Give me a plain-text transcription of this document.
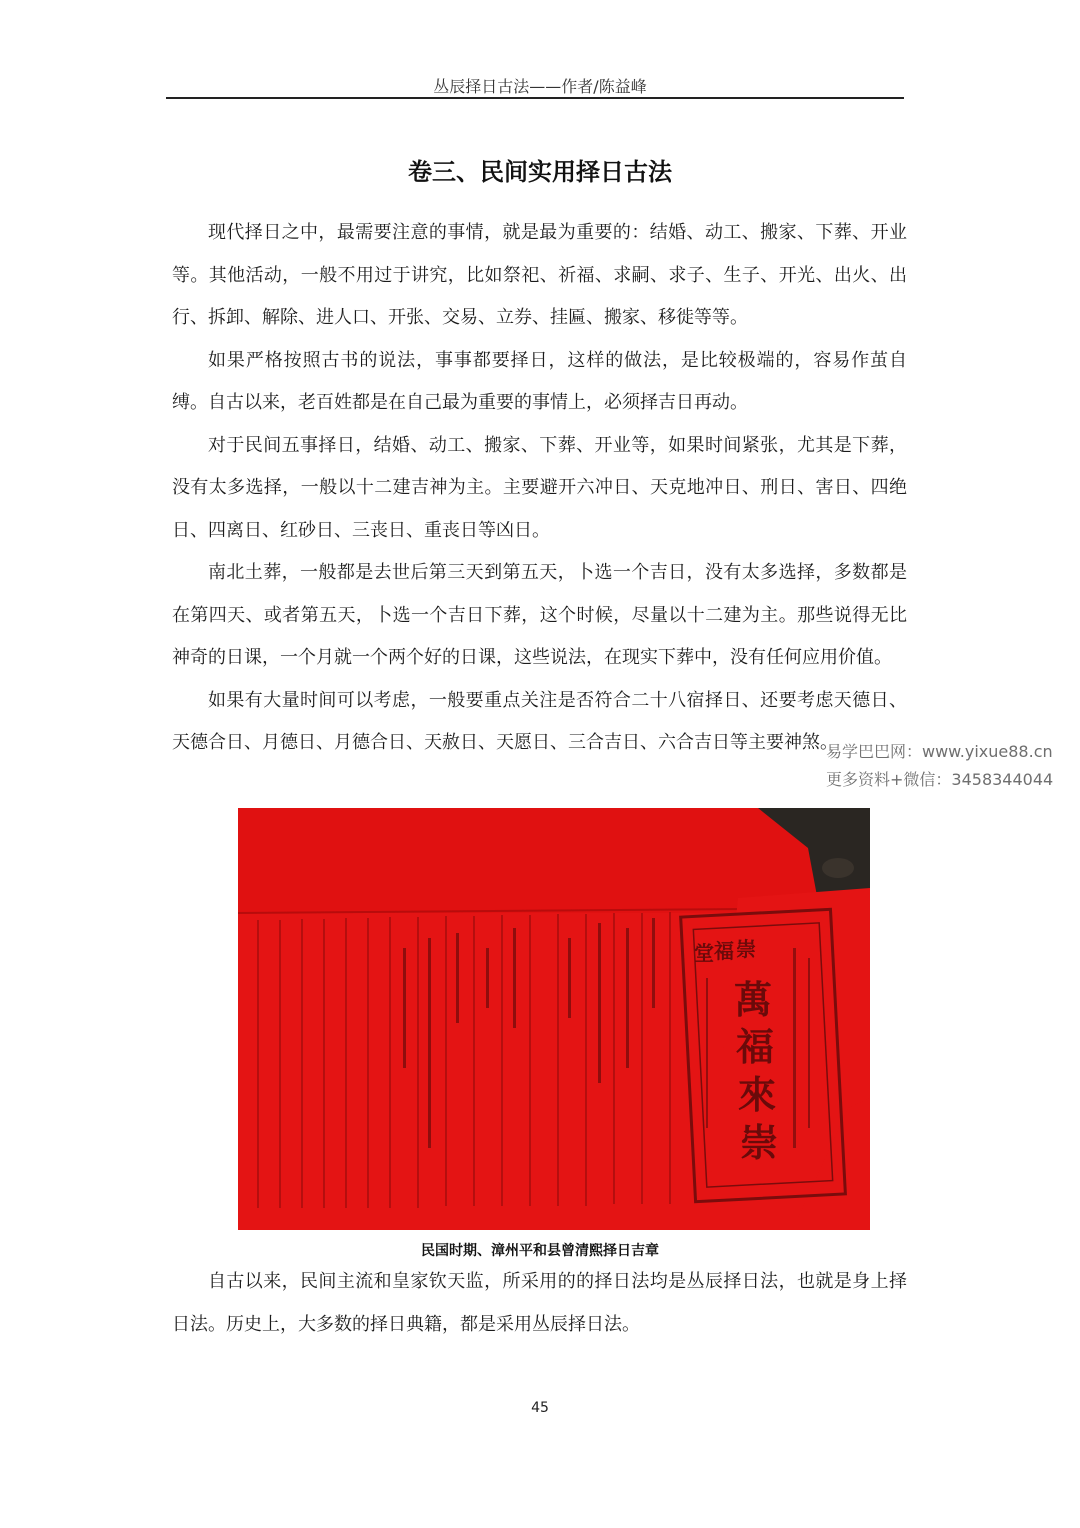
丛辰择日古法——作者/陈益峰
卷三、民间实用择日古法

现代择日之中，最需要注意的事情，就是最为重要的：结婚、动工、搬家、下葬、开业等。其他活动，一般不用过于讲究，比如祭祀、祈福、求嗣、求子、生子、开光、出火、出行、拆卸、解除、进人口、开张、交易、立券、挂匾、搬家、移徙等等。

如果严格按照古书的说法，事事都要择日，这样的做法，是比较极端的，容易作茧自缚。自古以来，老百姓都是在自己最为重要的事情上，必须择吉日再动。

对于民间五事择日，结婚、动工、搬家、下葬、开业等，如果时间紧张，尤其是下葬，没有太多选择，一般以十二建吉神为主。主要避开六冲日、天克地冲日、刑日、害日、四绝日、四离日、红砂日、三丧日、重丧日等凶日。

南北土葬，一般都是去世后第三天到第五天，卜选一个吉日，没有太多选择，多数都是在第四天、或者第五天，卜选一个吉日下葬，这个时候，尽量以十二建为主。那些说得无比神奇的日课，一个月就一个两个好的日课，这些说法，在现实下葬中，没有任何应用价值。

如果有大量时间可以考虑，一般要重点关注是否符合二十八宿择日、还要考虑天德日、天德合日、月德日、月德合日、天赦日、天愿日、三合吉日、六合吉日等主要神煞。

易学巴巴网：www.yixue88.cn
更多资料+微信：3458344044
崇
福
堂
萬
福
來
崇
民国时期、漳州平和县曾清熙择日吉章

自古以来，民间主流和皇家钦天监，所采用的的择日法均是丛辰择日法，也就是身上择日法。历史上，大多数的择日典籍，都是采用丛辰择日法。

45
